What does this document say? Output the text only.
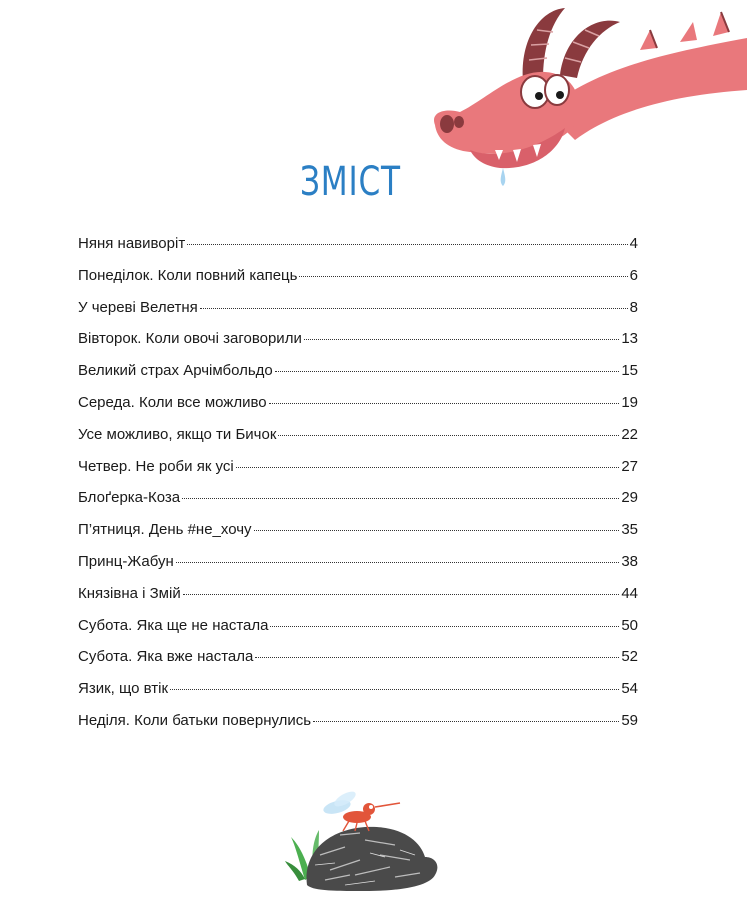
ЗМІСТ
Няня навиворіт	4
Понеділок. Коли повний капець	6
У череві Велетня	8
Вівторок. Коли овочі заговорили	13
Великий страх Арчімбольдо	15
Середа. Коли все можливо	19
Усе можливо, якщо ти Бичок	22
Четвер. Не роби як усі	27
Блоґерка-Коза	29
П’ятниця. День #не_хочу	35
Принц-Жабун	38
Князівна і Змій	44
Субота. Яка ще не настала	50
Субота. Яка вже настала	52
Язик, що втік	54
Неділя. Коли батьки повернулись	59
